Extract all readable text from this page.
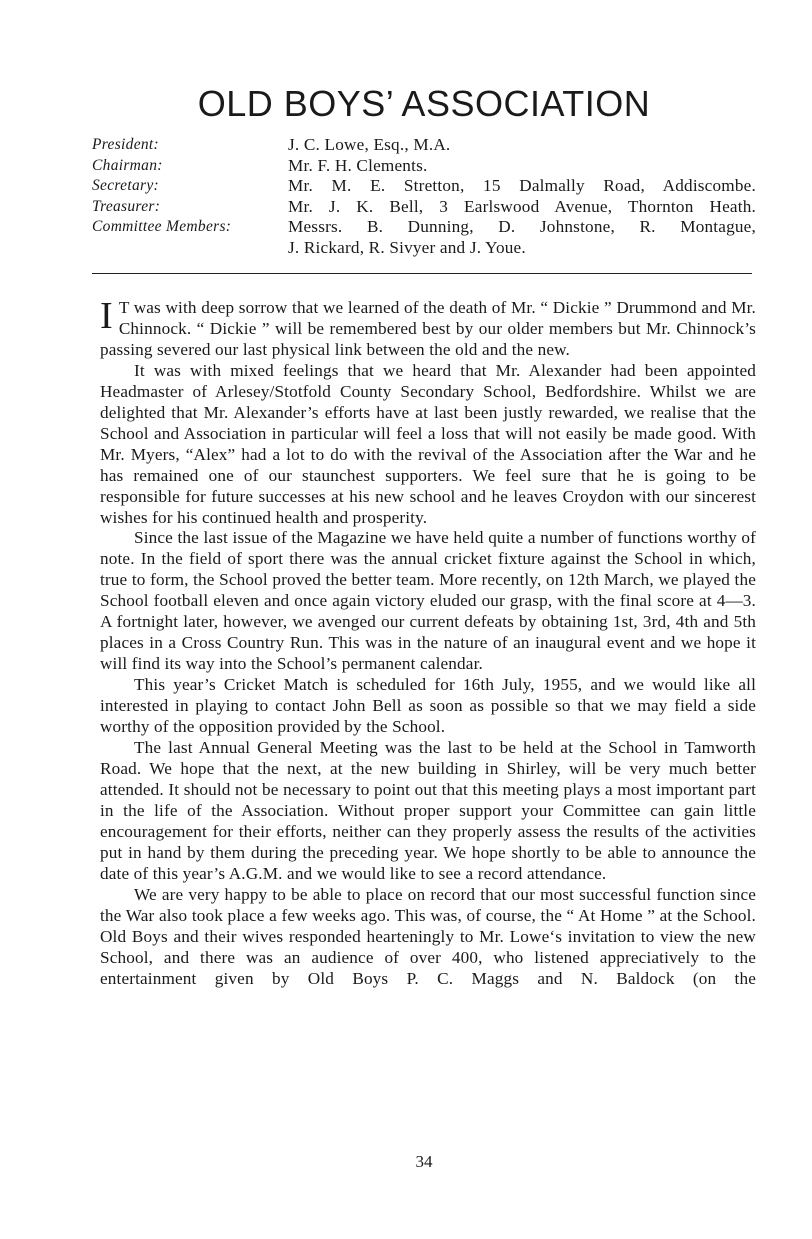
OLD BOYS’ ASSOCIATION
President:	J. C. Lowe, Esq., M.A.
Chairman:	Mr. F. H. Clements.
Secretary:	Mr. M. E. Stretton, 15 Dalmally Road, Addiscombe.
Treasurer:	Mr. J. K. Bell, 3 Earlswood Avenue, Thornton Heath.
Committee Members:	Messrs. B. Dunning, D. Johnstone, R. Montague,
J. Rickard, R. Sivyer and J. Youe.

I T was with deep sorrow that we learned of the death of Mr. “ Dickie ” Drummond and Mr. Chinnock. “ Dickie ” will be remembered best by our older members but Mr. Chinnock’s passing severed our last physical link between the old and the new.

It was with mixed feelings that we heard that Mr. Alexander had been appointed Headmaster of Arlesey/Stotfold County Secondary School, Bedfordshire. Whilst we are delighted that Mr. Alexander’s efforts have at last been justly rewarded, we realise that the School and Association in particular will feel a loss that will not easily be made good. With Mr. Myers, “Alex” had a lot to do with the revival of the Association after the War and he has remained one of our staunchest supporters. We feel sure that he is going to be responsible for future successes at his new school and he leaves Croydon with our sincerest wishes for his continued health and prosperity.

Since the last issue of the Magazine we have held quite a number of functions worthy of note. In the field of sport there was the annual cricket fixture against the School in which, true to form, the School proved the better team. More recently, on 12th March, we played the School football eleven and once again victory eluded our grasp, with the final score at 4—3. A fortnight later, however, we avenged our current defeats by obtaining 1st, 3rd, 4th and 5th places in a Cross Country Run. This was in the nature of an inaugural event and we hope it will find its way into the School’s permanent calendar.

This year’s Cricket Match is scheduled for 16th July, 1955, and we would like all interested in playing to contact John Bell as soon as possible so that we may field a side worthy of the opposition provided by the School.

The last Annual General Meeting was the last to be held at the School in Tamworth Road. We hope that the next, at the new building in Shirley, will be very much better attended. It should not be necessary to point out that this meeting plays a most important part in the life of the Association. Without proper support your Committee can gain little encouragement for their efforts, neither can they properly assess the results of the activities put in hand by them during the preceding year. We hope shortly to be able to announce the date of this year’s A.G.M. and we would like to see a record attendance.

We are very happy to be able to place on record that our most successful function since the War also took place a few weeks ago. This was, of course, the “ At Home ” at the School. Old Boys and their wives responded hearteningly to Mr. Lowe‘s invitation to view the new School, and there was an audience of over 400, who listened appreciatively to the entertainment given by Old Boys P. C. Maggs and N. Baldock (on the

34
